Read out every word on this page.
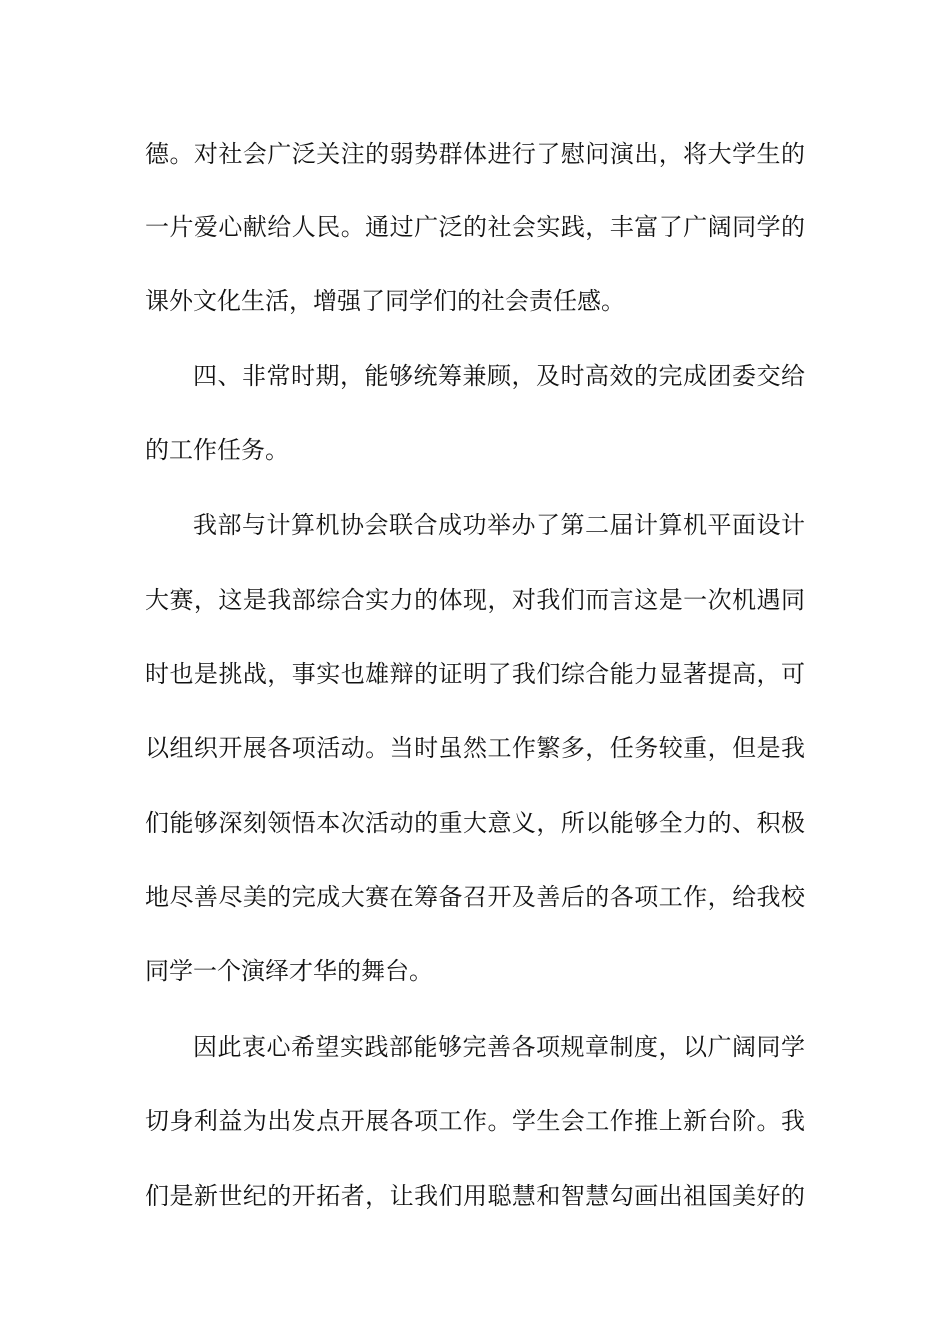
德。对社会广泛关注的弱势群体进行了慰问演出，将大学生的
一片爱心献给人民。通过广泛的社会实践，丰富了广阔同学的
课外文化生活，增强了同学们的社会责任感。
四、非常时期，能够统筹兼顾，及时高效的完成团委交给
的工作任务。
我部与计算机协会联合成功举办了第二届计算机平面设计
大赛，这是我部综合实力的体现，对我们而言这是一次机遇同
时也是挑战，事实也雄辩的证明了我们综合能力显著提高，可
以组织开展各项活动。当时虽然工作繁多，任务较重，但是我
们能够深刻领悟本次活动的重大意义，所以能够全力的、积极
地尽善尽美的完成大赛在筹备召开及善后的各项工作，给我校
同学一个演绎才华的舞台。
因此衷心希望实践部能够完善各项规章制度，以广阔同学
切身利益为出发点开展各项工作。学生会工作推上新台阶。我
们是新世纪的开拓者，让我们用聪慧和智慧勾画出祖国美好的
